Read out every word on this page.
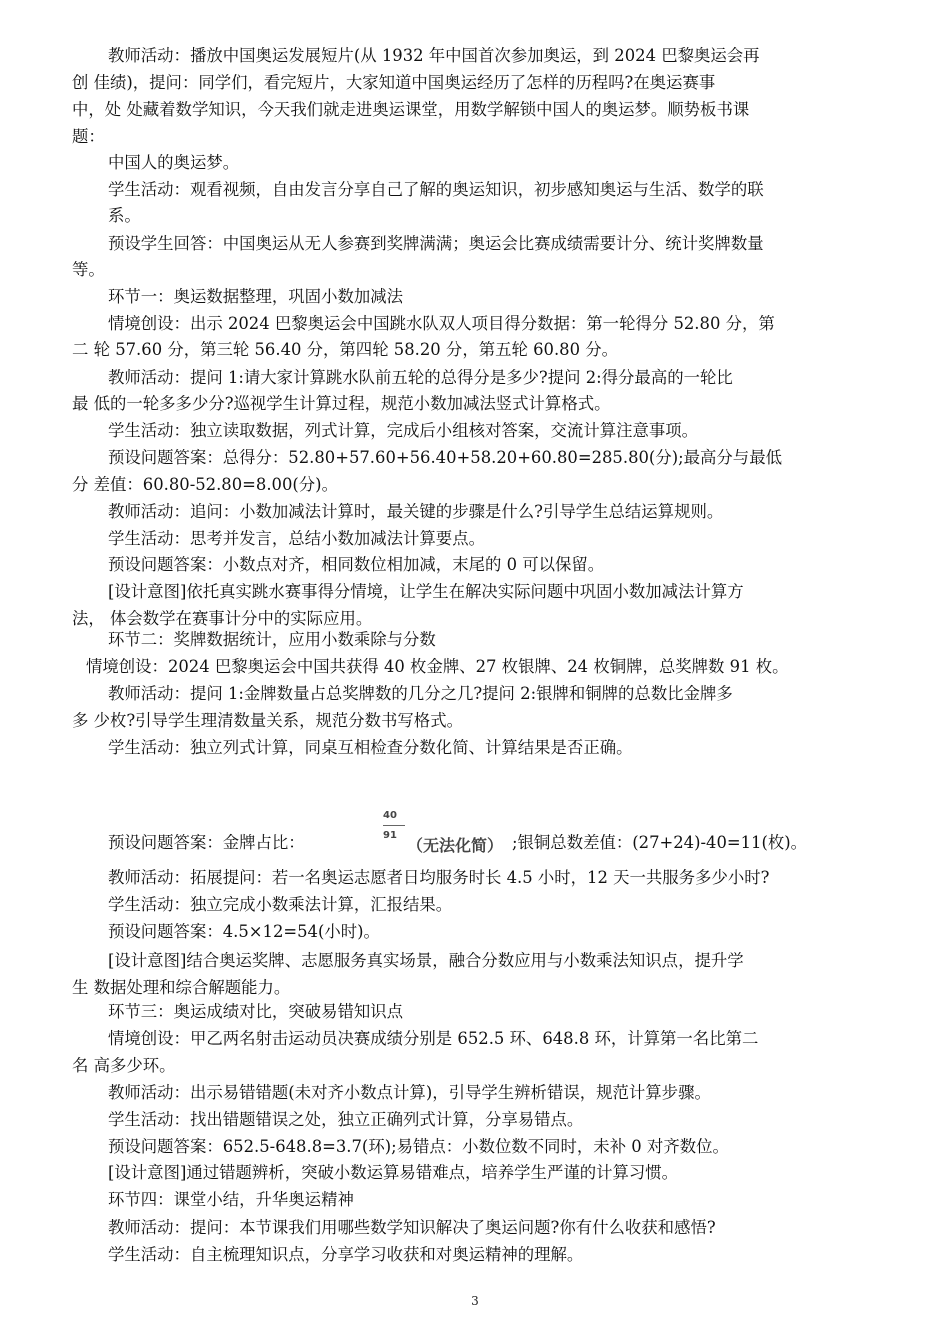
教师活动：播放中国奥运发展短片(从 1932 年中国首次参加奥运，到 2024 巴黎奥运会再
创 佳绩)，提问：同学们，看完短片，大家知道中国奥运经历了怎样的历程吗?在奥运赛事
中，处 处藏着数学知识，今天我们就走进奥运课堂，用数学解锁中国人的奥运梦。顺势板书课
题：
中国人的奥运梦。
学生活动：观看视频，自由发言分享自己了解的奥运知识，初步感知奥运与生活、数学的联
系。
预设学生回答：中国奥运从无人参赛到奖牌满满；奥运会比赛成绩需要计分、统计奖牌数量
等。
环节一：奥运数据整理，巩固小数加减法
情境创设：出示 2024 巴黎奥运会中国跳水队双人项目得分数据：第一轮得分 52.80 分，第
二 轮 57.60 分，第三轮 56.40 分，第四轮 58.20 分，第五轮 60.80 分。
教师活动：提问 1:请大家计算跳水队前五轮的总得分是多少?提问 2:得分最高的一轮比
最 低的一轮多多少分?巡视学生计算过程，规范小数加减法竖式计算格式。
学生活动：独立读取数据，列式计算，完成后小组核对答案，交流计算注意事项。
预设问题答案：总得分：52.80+57.60+56.40+58.20+60.80=285.80(分);最高分与最低
分 差值：60.80-52.80=8.00(分)。
教师活动：追问：小数加减法计算时，最关键的步骤是什么?引导学生总结运算规则。
学生活动：思考并发言，总结小数加减法计算要点。
预设问题答案：小数点对齐，相同数位相加减，末尾的 0 可以保留。
[设计意图]依托真实跳水赛事得分情境，让学生在解决实际问题中巩固小数加减法计算方
法， 体会数学在赛事计分中的实际应用。
环节二：奖牌数据统计，应用小数乘除与分数
情境创设：2024 巴黎奥运会中国共获得 40 枚金牌、27 枚银牌、24 枚铜牌，总奖牌数 91 枚。
教师活动：提问 1:金牌数量占总奖牌数的几分之几?提问 2:银牌和铜牌的总数比金牌多
多 少枚?引导学生理清数量关系，规范分数书写格式。
学生活动：独立列式计算，同桌互相检查分数化简、计算结果是否正确。
预设问题答案：金牌占比：
$\frac{40}{91}$
（无法化简） ;银铜总数差值：(27+24)-40=11(枚)。
教师活动：拓展提问：若一名奥运志愿者日均服务时长 4.5 小时，12 天一共服务多少小时?
学生活动：独立完成小数乘法计算，汇报结果。
预设问题答案：4.5×12=54(小时)。
[设计意图]结合奥运奖牌、志愿服务真实场景，融合分数应用与小数乘法知识点，提升学
生 数据处理和综合解题能力。
环节三：奥运成绩对比，突破易错知识点
情境创设：甲乙两名射击运动员决赛成绩分别是 652.5 环、648.8 环，计算第一名比第二
名 高多少环。
教师活动：出示易错错题(未对齐小数点计算)，引导学生辨析错误，规范计算步骤。
学生活动：找出错题错误之处，独立正确列式计算，分享易错点。
预设问题答案：652.5-648.8=3.7(环);易错点：小数位数不同时，未补 0 对齐数位。
[设计意图]通过错题辨析，突破小数运算易错难点，培养学生严谨的计算习惯。
环节四：课堂小结，升华奥运精神
教师活动：提问：本节课我们用哪些数学知识解决了奥运问题?你有什么收获和感悟?
学生活动：自主梳理知识点，分享学习收获和对奥运精神的理解。
3
